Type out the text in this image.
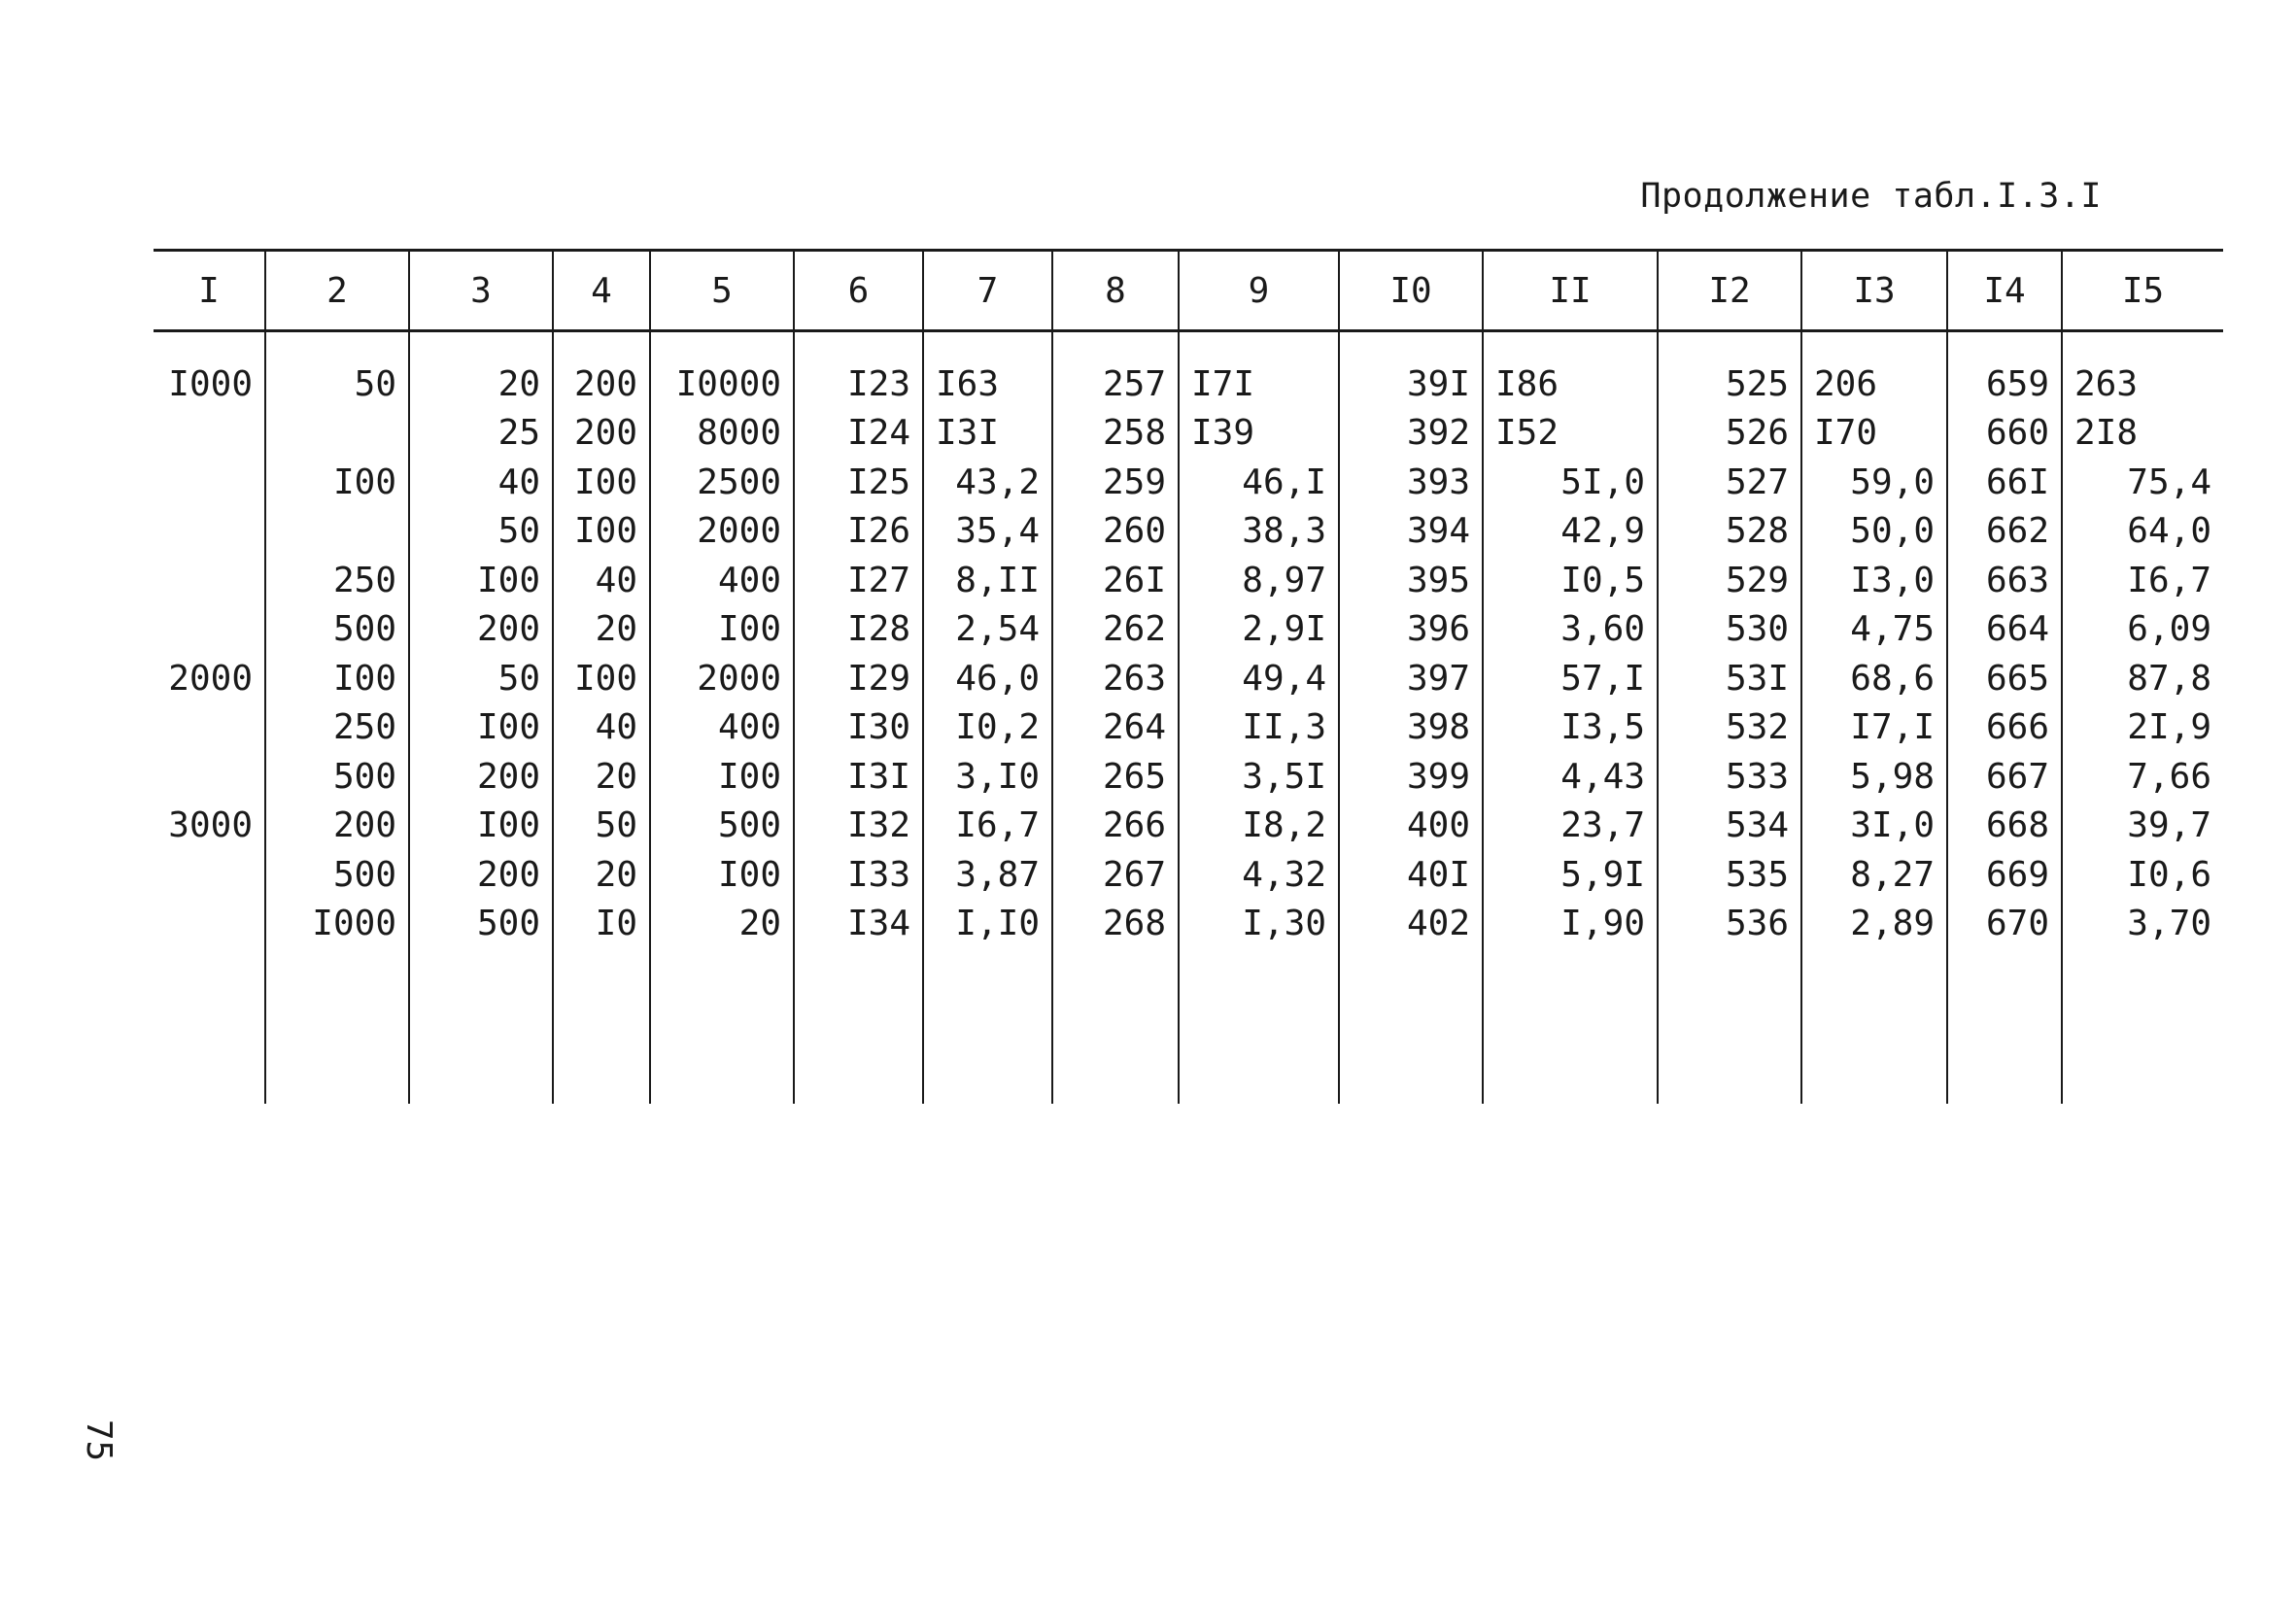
Продолжение табл.I.3.I
I	2	3	4	5	6	7	8	9	I0	II	I2	I3	I4	I5
I000	50	20	200	I0000	I23	I63	257	I7I	39I	I86	525	206	659	263
		25	200	8000	I24	I3I	258	I39	392	I52	526	I70	660	2I8
	I00	40	I00	2500	I25	43,2	259	46,I	393	5I,0	527	59,0	66I	75,4
		50	I00	2000	I26	35,4	260	38,3	394	42,9	528	50,0	662	64,0
	250	I00	40	400	I27	8,II	26I	8,97	395	I0,5	529	I3,0	663	I6,7
	500	200	20	I00	I28	2,54	262	2,9I	396	3,60	530	4,75	664	6,09
2000	I00	50	I00	2000	I29	46,0	263	49,4	397	57,I	53I	68,6	665	87,8
	250	I00	40	400	I30	I0,2	264	II,3	398	I3,5	532	I7,I	666	2I,9
	500	200	20	I00	I3I	3,I0	265	3,5I	399	4,43	533	5,98	667	7,66
3000	200	I00	50	500	I32	I6,7	266	I8,2	400	23,7	534	3I,0	668	39,7
	500	200	20	I00	I33	3,87	267	4,32	40I	5,9I	535	8,27	669	I0,6
	I000	500	I0	20	I34	I,I0	268	I,30	402	I,90	536	2,89	670	3,70

75
